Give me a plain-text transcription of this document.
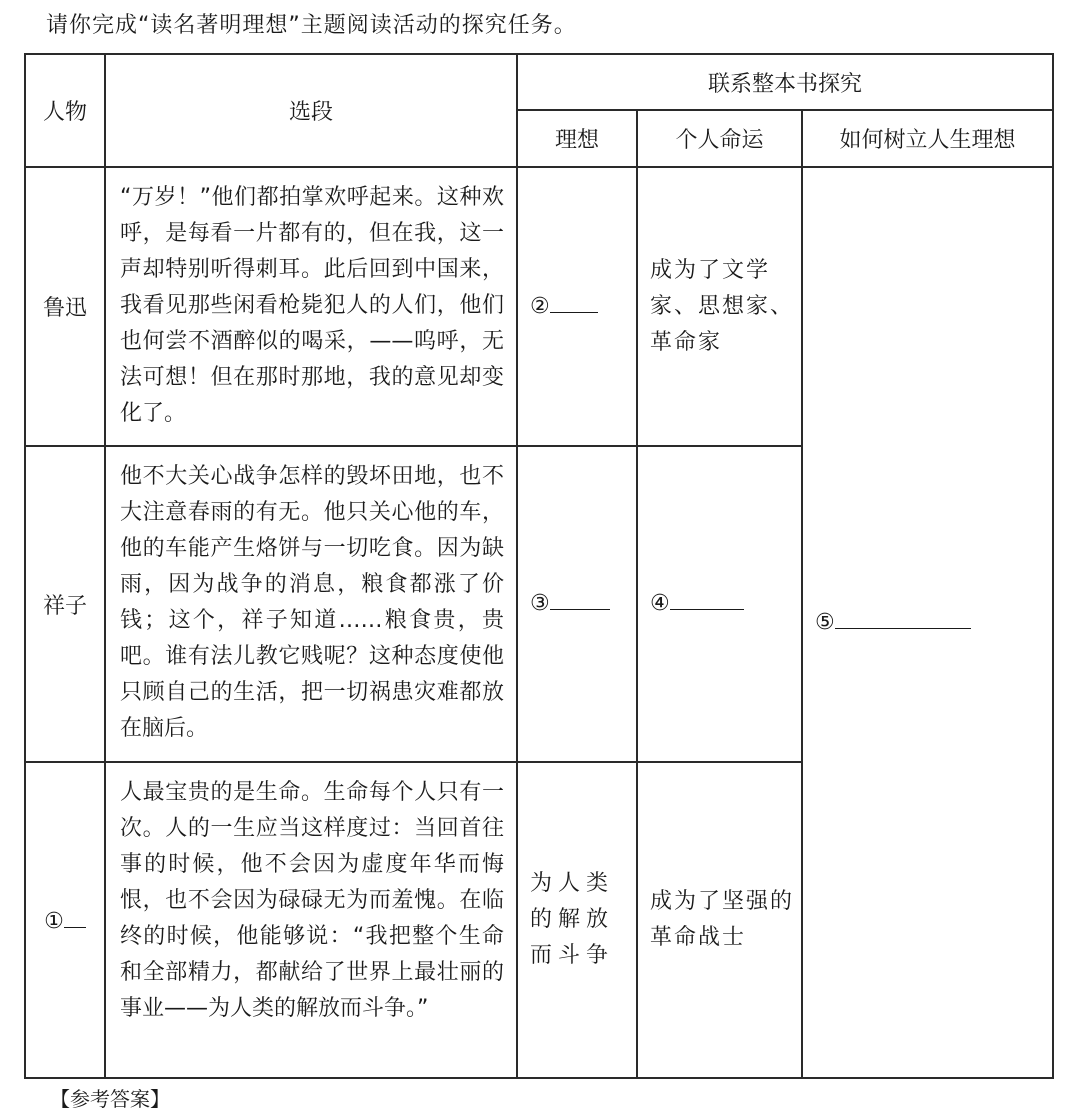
请你完成“读名著明理想”主题阅读活动的探究任务。
人物	选段	联系整本书探究		
		理想	个人命运	如何树立人生理想
鲁迅	“万岁！”他们都拍掌欢呼起来。这种欢呼，是每看一片都有的，但在我，这一声却特别听得刺耳。此后回到中国来，我看见那些闲看枪毙犯人的人们，他们也何尝不酒醉似的喝采，——呜呼，无法可想！但在那时那地，我的意见却变化了。	②	成为了文学家、思想家、革命家	⑤
祥子	他不大关心战争怎样的毁坏田地，也不大注意春雨的有无。他只关心他的车，他的车能产生烙饼与一切吃食。因为缺雨，因为战争的消息，粮食都涨了价钱；这个，祥子知道……粮食贵，贵吧。谁有法儿教它贱呢？这种态度使他只顾自己的生活，把一切祸患灾难都放在脑后。	③	④	
①	人最宝贵的是生命。生命每个人只有一次。人的一生应当这样度过：当回首往事的时候，他不会因为虚度年华而悔恨，也不会因为碌碌无为而羞愧。在临终的时候，他能够说：“我把整个生命和全部精力，都献给了世界上最壮丽的事业——为人类的解放而斗争。”	为人类的解放而斗争	成为了坚强的革命战士	
【参考答案】
